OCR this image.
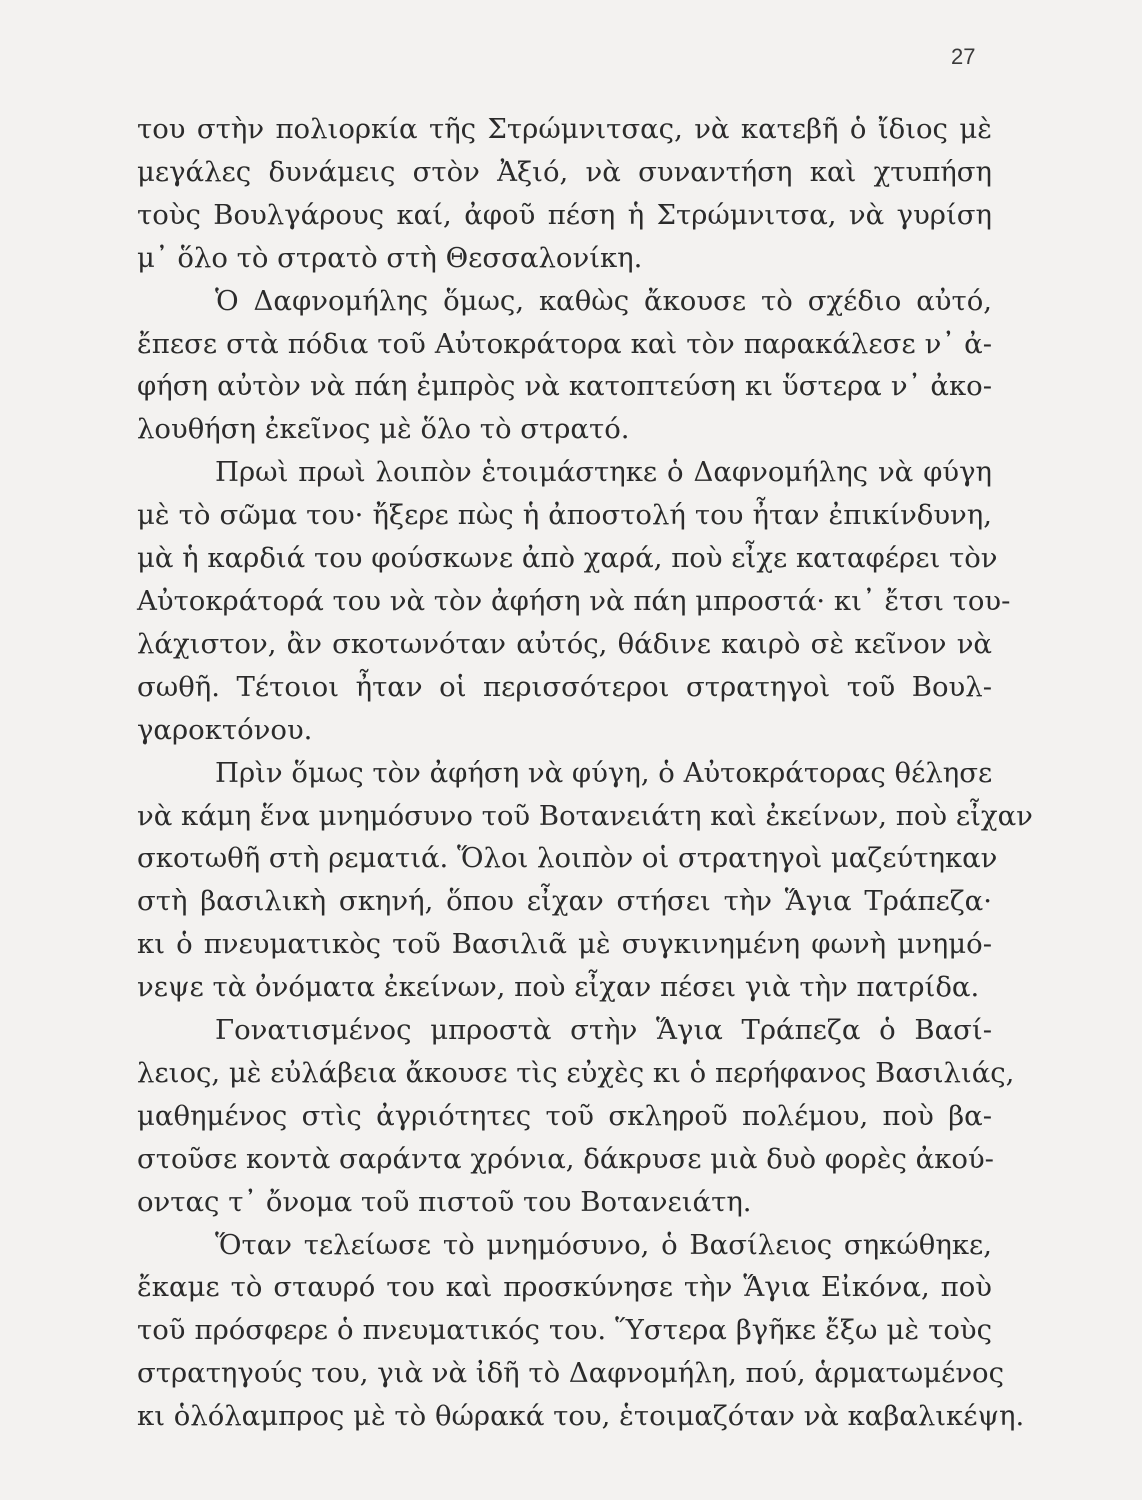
27
του στὴν πολιορκία τῆς Στρώμνιτσας, νὰ κατεβῆ ὁ ἴδιος μὲ
μεγάλες δυνάμεις στὸν Ἀξιό, νὰ συναντήση καὶ χτυπήση
τοὺς Βουλγάρους καί, ἀφοῦ πέση ἡ Στρώμνιτσα, νὰ γυρίση
μ᾽ ὅλο τὸ στρατὸ στὴ Θεσσαλονίκη.
Ὁ Δαφνομήλης ὅμως, καθὼς ἄκουσε τὸ σχέδιο αὐτό,
ἔπεσε στὰ πόδια τοῦ Αὐτοκράτορα καὶ τὸν παρακάλεσε ν᾽ ἀ-
φήση αὐτὸν νὰ πάη ἐμπρὸς νὰ κατοπτεύση κι ὕστερα ν᾽ ἀκο-
λουθήση ἐκεῖνος μὲ ὅλο τὸ στρατό.
Πρωὶ πρωὶ λοιπὸν ἑτοιμάστηκε ὁ Δαφνομήλης νὰ φύγη
μὲ τὸ σῶμα του· ἤξερε πὼς ἡ ἀποστολή του ἦταν ἐπικίνδυνη,
μὰ ἡ καρδιά του φούσκωνε ἀπὸ χαρά, ποὺ εἶχε καταφέρει τὸν
Αὐτοκράτορά του νὰ τὸν ἀφήση νὰ πάη μπροστά· κι᾽ ἔτσι του-
λάχιστον, ἂν σκοτωνόταν αὐτός, θάδινε καιρὸ σὲ κεῖνον νὰ
σωθῆ. Τέτοιοι ἦταν οἱ περισσότεροι στρατηγοὶ τοῦ Βουλ-
γαροκτόνου.
Πρὶν ὅμως τὸν ἀφήση νὰ φύγη, ὁ Αὐτοκράτορας θέλησε
νὰ κάμη ἕνα μνημόσυνο τοῦ Βοτανειάτη καὶ ἐκείνων, ποὺ εἶχαν
σκοτωθῆ στὴ ρεματιά. Ὅλοι λοιπὸν οἱ στρατηγοὶ μαζεύτηκαν
στὴ βασιλικὴ σκηνή, ὅπου εἶχαν στήσει τὴν Ἅγια Τράπεζα·
κι ὁ πνευματικὸς τοῦ Βασιλιᾶ μὲ συγκινημένη φωνὴ μνημό-
νεψε τὰ ὀνόματα ἐκείνων, ποὺ εἶχαν πέσει γιὰ τὴν πατρίδα.
Γονατισμένος μπροστὰ στὴν Ἅγια Τράπεζα ὁ Βασί-
λειος, μὲ εὐλάβεια ἄκουσε τὶς εὐχὲς κι ὁ περήφανος Βασιλιάς,
μαθημένος στὶς ἀγριότητες τοῦ σκληροῦ πολέμου, ποὺ βα-
στοῦσε κοντὰ σαράντα χρόνια, δάκρυσε μιὰ δυὸ φορὲς ἀκού-
οντας τ᾽ ὄνομα τοῦ πιστοῦ του Βοτανειάτη.
Ὅταν τελείωσε τὸ μνημόσυνο, ὁ Βασίλειος σηκώθηκε,
ἔκαμε τὸ σταυρό του καὶ προσκύνησε τὴν Ἅγια Εἰκόνα, ποὺ
τοῦ πρόσφερε ὁ πνευματικός του. Ὕστερα βγῆκε ἔξω μὲ τοὺς
στρατηγούς του, γιὰ νὰ ἰδῆ τὸ Δαφνομήλη, πού, ἁρματωμένος
κι ὁλόλαμπρος μὲ τὸ θώρακά του, ἑτοιμαζόταν νὰ καβαλικέψη.
